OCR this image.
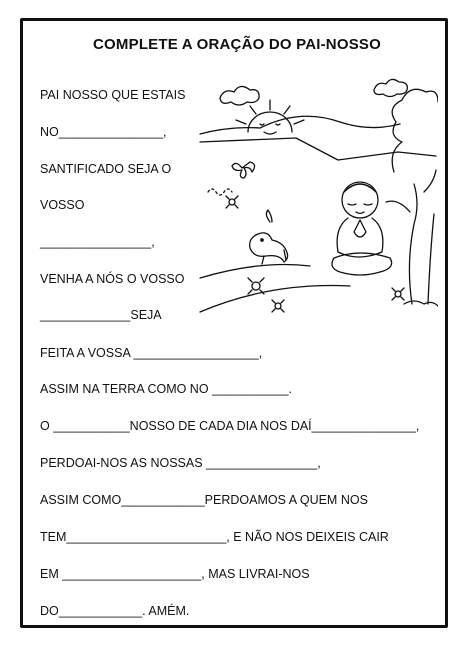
COMPLETE A ORAÇÃO DO PAI-NOSSO
PAI NOSSO QUE ESTAIS
NO_______________,
SANTIFICADO SEJA O
VOSSO
________________,
VENHA A NÓS O VOSSO
_____________SEJA
FEITA A VOSSA __________________,
ASSIM NA TERRA COMO NO ___________.
O ___________NOSSO DE CADA DIA NOS DAÍ_______________,
PERDOAI-NOS AS NOSSAS ________________,
ASSIM COMO____________PERDOAMOS A QUEM NOS
TEM_______________________, E NÃO NOS DEIXEIS CAIR
EM ____________________, MAS LIVRAI-NOS
DO____________. AMÉM.
